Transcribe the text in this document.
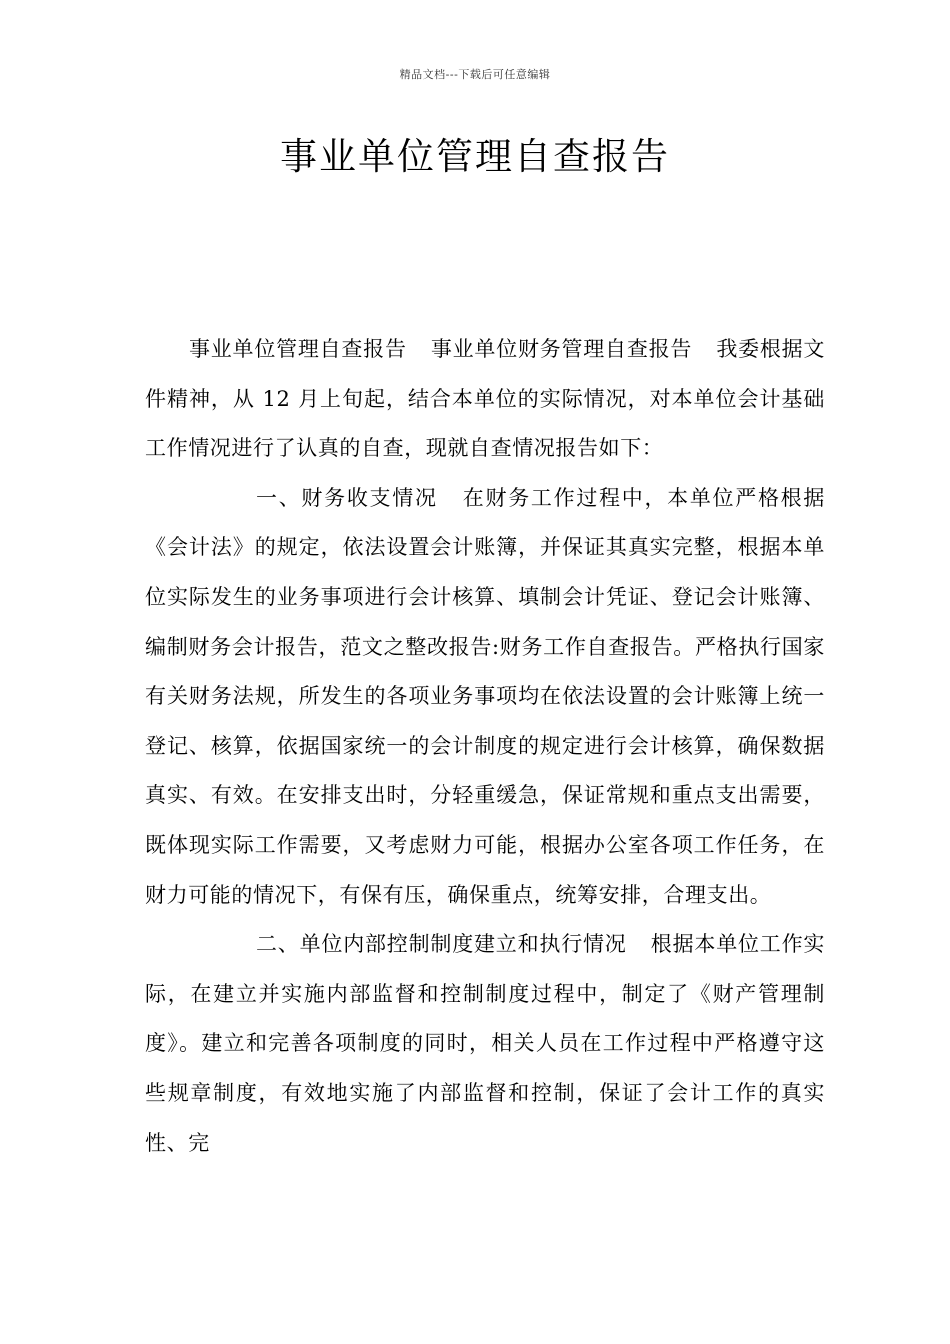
精品文档---下载后可任意编辑
事业单位管理自查报告

事业单位管理自查报告 事业单位财务管理自查报告 我委根据文件精神，从 12 月上旬起，结合本单位的实际情况，对本单位会计基础工作情况进行了认真的自查，现就自查情况报告如下：

一、财务收支情况 在财务工作过程中，本单位严格根据《会计法》的规定，依法设置会计账簿，并保证其真实完整，根据本单位实际发生的业务事项进行会计核算、填制会计凭证、登记会计账簿、编制财务会计报告，范文之整改报告:财务工作自查报告。严格执行国家有关财务法规，所发生的各项业务事项均在依法设置的会计账簿上统一登记、核算，依据国家统一的会计制度的规定进行会计核算，确保数据真实、有效。在安排支出时，分轻重缓急，保证常规和重点支出需要，既体现实际工作需要，又考虑财力可能，根据办公室各项工作任务，在财力可能的情况下，有保有压，确保重点，统筹安排，合理支出。

二、单位内部控制制度建立和执行情况 根据本单位工作实际，在建立并实施内部监督和控制制度过程中，制定了《财产管理制度》。建立和完善各项制度的同时，相关人员在工作过程中严格遵守这些规章制度，有效地实施了内部监督和控制，保证了会计工作的真实性、完
